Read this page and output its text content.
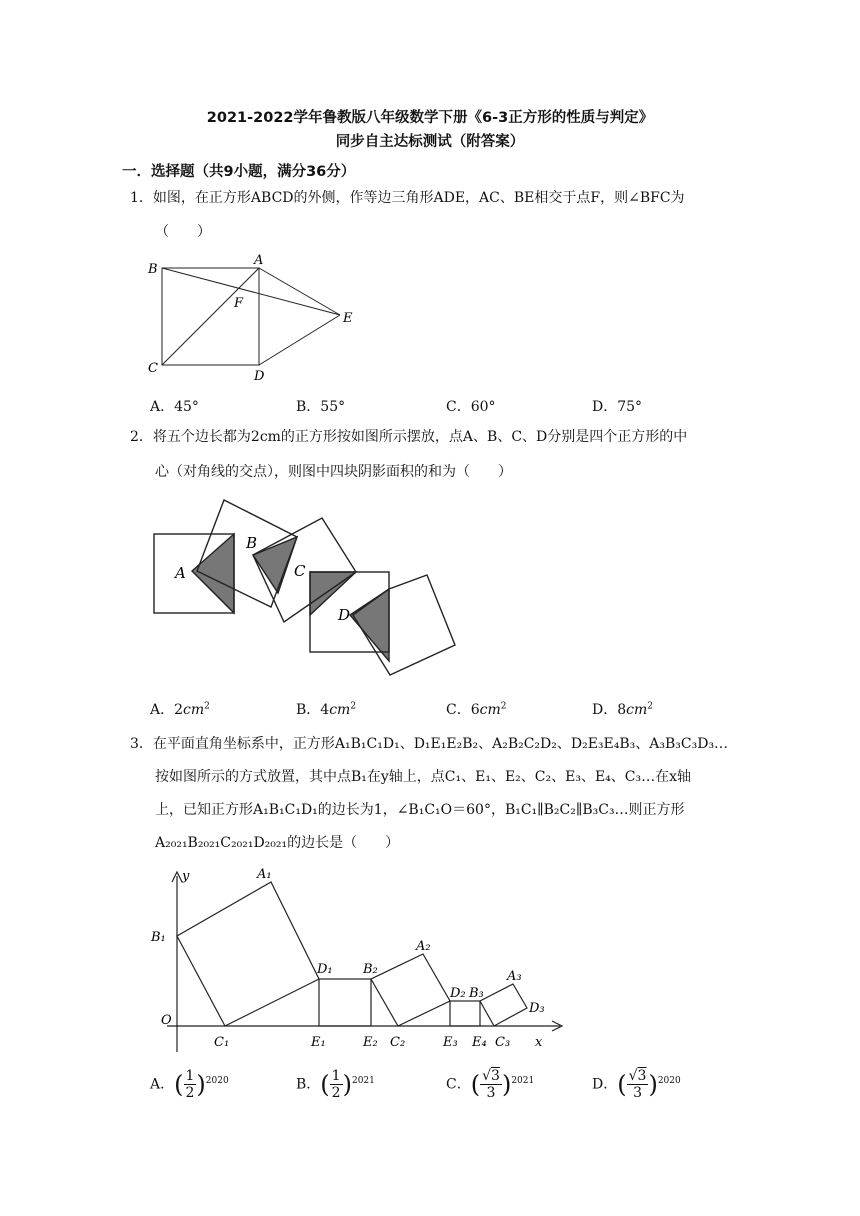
2021-2022学年鲁教版八年级数学下册《6-3正方形的性质与判定》
同步自主达标测试（附答案）
一．选择题（共9小题，满分36分）
1．如图，在正方形ABCD的外侧，作等边三角形ADE，AC、BE相交于点F，则∠BFC为
（　　）
B
A
F
E
C
D
A．45°	B．55°	C．60°	D．75°
2．将五个边长都为2cm的正方形按如图所示摆放，点A、B、C、D分别是四个正方形的中
心（对角线的交点），则图中四块阴影面积的和为（　　）
A
B
C
D
A．$2cm^2$	B．$4cm^2$	C．$6cm^2$	D．$8cm^2$
3．在平面直角坐标系中，正方形A₁B₁C₁D₁、D₁E₁E₂B₂、A₂B₂C₂D₂、D₂E₃E₄B₃、A₃B₃C₃D₃…
按如图所示的方式放置，其中点B₁在y轴上，点C₁、E₁、E₂、C₂、E₃、E₄、C₃…在x轴
上，已知正方形A₁B₁C₁D₁的边长为1，∠B₁C₁O＝60°，B₁C₁∥B₂C₂∥B₃C₃…则正方形
A₂₀₂₁B₂₀₂₁C₂₀₂₁D₂₀₂₁的边长是（　　）
y
x
O
A₁
B₁
C₁
D₁
E₁	E₂
B₂
A₂
C₂
D₂ B₃
E₃ E₄ C₃
A₃
D₃
A．( $\frac{1}{2} )^{2020}$	B．( $\frac{1}{2} )^{2021}$	C．( $\frac{√3}{3} )^{2021}$	D．( $\frac{√3}{3} )^{2020}$
